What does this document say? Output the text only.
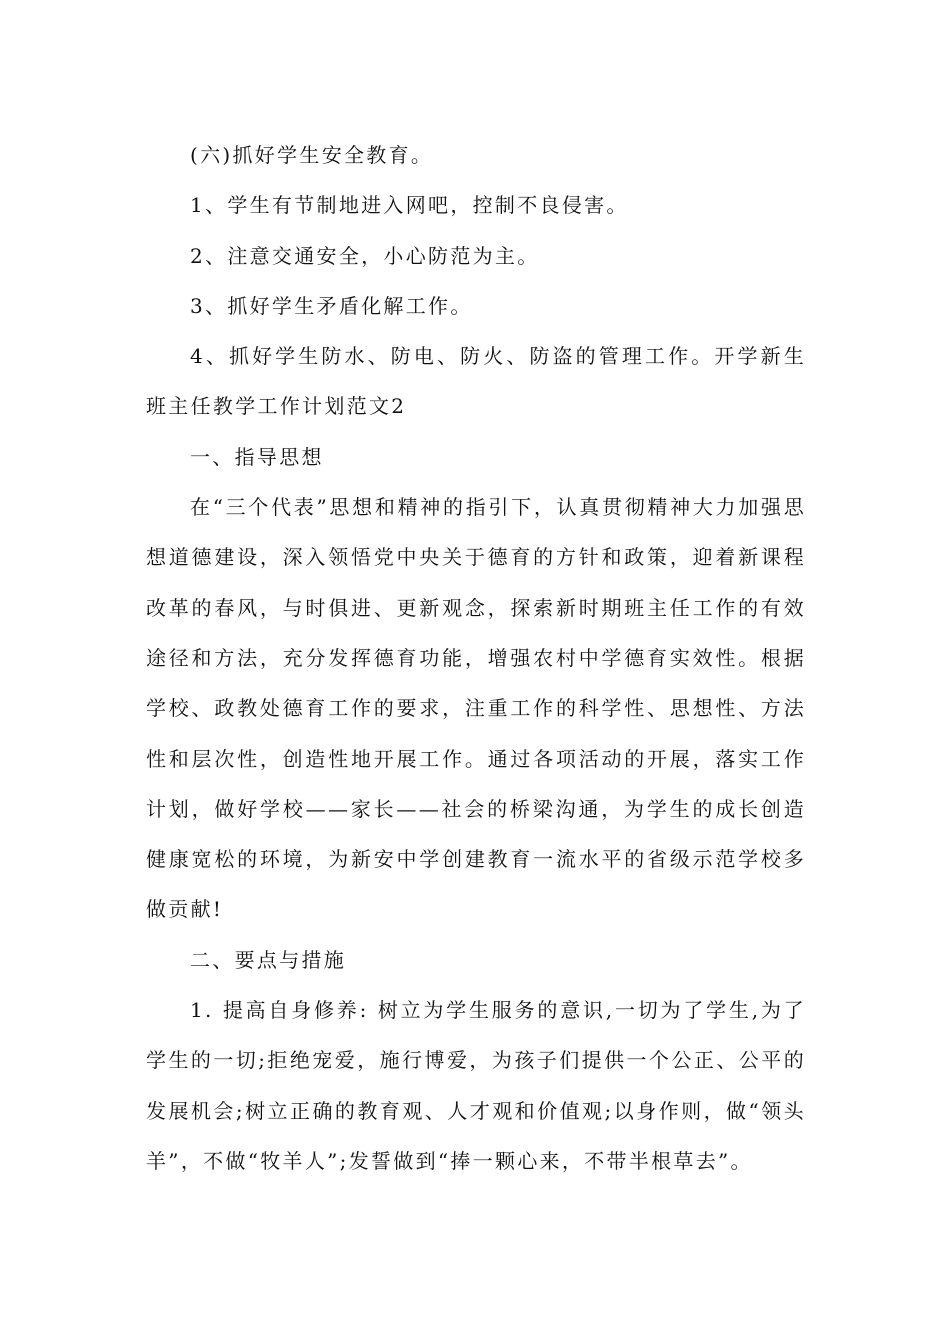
(六)抓好学生安全教育。

1、学生有节制地进入网吧，控制不良侵害。

2、注意交通安全，小心防范为主。

3、抓好学生矛盾化解工作。

4、抓好学生防水、防电、防火、防盗的管理工作。开学新生班主任教学工作计划范文2

一、指导思想

在“三个代表”思想和精神的指引下，认真贯彻精神大力加强思想道德建设，深入领悟党中央关于德育的方针和政策，迎着新课程改革的春风，与时俱进、更新观念，探索新时期班主任工作的有效途径和方法，充分发挥德育功能，增强农村中学德育实效性。根据学校、政教处德育工作的要求，注重工作的科学性、思想性、方法性和层次性，创造性地开展工作。通过各项活动的开展，落实工作计划，做好学校——家长——社会的桥梁沟通，为学生的成长创造健康宽松的环境，为新安中学创建教育一流水平的省级示范学校多做贡献!

二、要点与措施

1. 提高自身修养: 树立为学生服务的意识,一切为了学生,为了学生的一切;拒绝宠爱，施行博爱，为孩子们提供一个公正、公平的发展机会;树立正确的教育观、人才观和价值观;以身作则，做“领头羊”，不做“牧羊人”;发誓做到“捧一颗心来，不带半根草去”。
